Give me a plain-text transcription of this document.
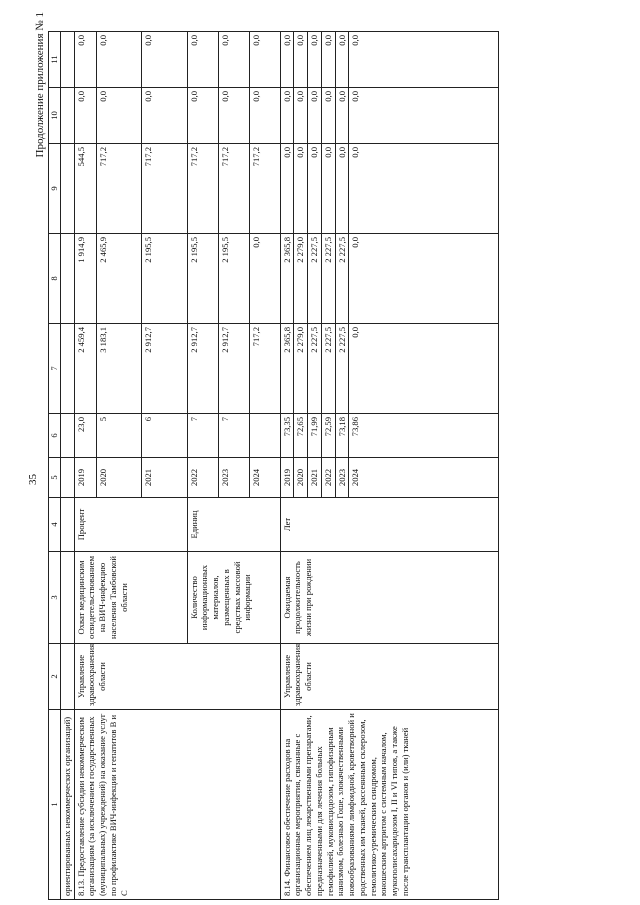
35
Продолжение приложения № 1
1	2	3	4	5	6	7	8	9	10	11
ориентированных некоммерческих организаций)										
8.13. Предоставление субсидии некоммерческим организациям (за исключением государственных (муниципальных) учреждений) на оказание услуг по профилактике ВИЧ-инфекции и гепатитов В и С	Управление здравоохранения области	Охват медицинским освидетельствованием на ВИЧ-инфекцию населения Тамбовской области	Процент	2019	23,0	2 459,4	1 914,9	544,5	0,0	0,0
				2020	5	3 183,1	2 465,9	717,2	0,0	0,0
				2021	6	2 912,7	2 195,5	717,2	0,0	0,0
		Количество информационных материалов, размещенных в средствах массовой информации	Единиц	2022	7	2 912,7	2 195,5	717,2	0,0	0,0
				2023	7	2 912,7	2 195,5	717,2	0,0	0,0
				2024		717,2	0,0	717,2	0,0	0,0
8.14. Финансовое обеспечение расходов на организационные мероприятия, связанные с обеспечением лиц лекарственными препаратами, предназначенными для лечения больных гемофилией, муковисцидозом, гипофизарным нанизмом, болезнью Гоше, злокачественными новообразованиями лимфоидной, кроветворной и родственных им тканей, рассеянным склерозом, гемолитико-уремическим синдромом, юношеским артритом с системным началом, мукополисахаридозом I, II и VI типов, а также после трансплантации органов и (или) тканей	Управление здравоохранения области	Ожидаемая продолжительность жизни при рождении	Лет	2019	73,35	2 365,8	2 365,8	0,0	0,0	0,0
				2020	72,65	2 279,0	2 279,0	0,0	0,0	0,0
				2021	71,99	2 227,5	2 227,5	0,0	0,0	0,0
				2022	72,59	2 227,5	2 227,5	0,0	0,0	0,0
				2023	73,18	2 227,5	2 227,5	0,0	0,0	0,0
				2024	73,86	0,0	0,0	0,0	0,0	0,0
